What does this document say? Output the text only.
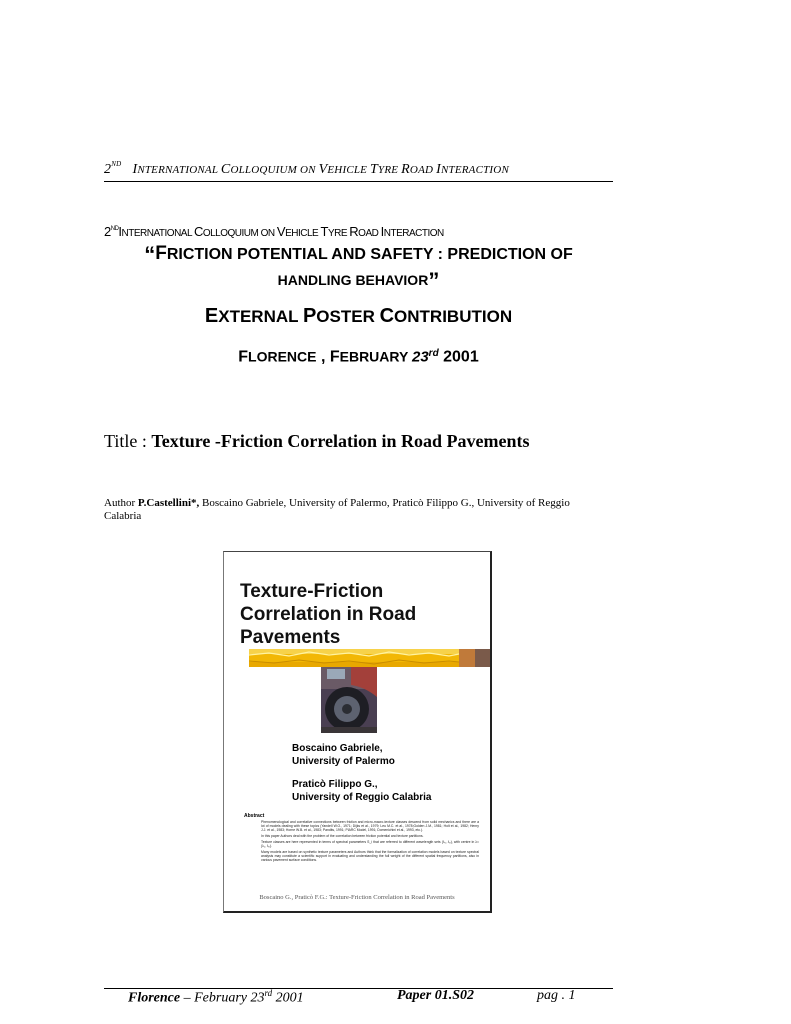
2ND INTERNATIONAL COLLOQUIUM ON VEHICLE TYRE ROAD INTERACTION
2NDINTERNATIONAL COLLOQUIUM ON VEHICLE TYRE ROAD INTERACTION
“FRICTION POTENTIAL AND SAFETY : PREDICTION OF
HANDLING BEHAVIOR”
EXTERNAL POSTER CONTRIBUTION
FLORENCE , FEBRUARY 23rd 2001
Title : Texture -Friction Correlation in Road Pavements
Author P.Castellini*, Boscaino Gabriele, University of Palermo, Praticò Filippo G., University of Reggio Calabria
Texture-Friction
Correlation in Road
Pavements
Boscaino Gabriele,
University of Palermo
Praticò Filippo G.,
University of Reggio Calabria
Abstract

Phenomenological and correlative connections between friction and micro-macro-texture classes descend from solid mechanics and there are a lot of models dealing with these topics (Yandell W.O., 1971; Dijks et al., 1979; Leu M.C. et al., 1978;Golden J.M., 1981; Holt et al., 1982; Henry J.J. et al., 1983; Horne W.B. et al., 1983; Pandits, 1991; PIARC Model, 1991; Domenichini et al., 1993, etc.).

In this paper Authors deal with the problem of the correlation between friction potential and texture partitions.

Texture classes are here represented in terms of spectral parameters S_i that are referred to different wavelength sets (λ₁, λ₂), with centre in λ=(λ₁, λ₂).

Many models are based on synthetic texture parameters and Authors think that the formalization of correlation models based on texture spectral analysis may constitute a scientific support in evaluating and understanding the full weight of the different spatial frequency partitions, also in various pavement surface conditions.

Boscaino G., Praticò F.G.: Texture-Friction Correlation in Road Pavements
Florence – February 23rd 2001	Paper 01.S02	pag . 1
